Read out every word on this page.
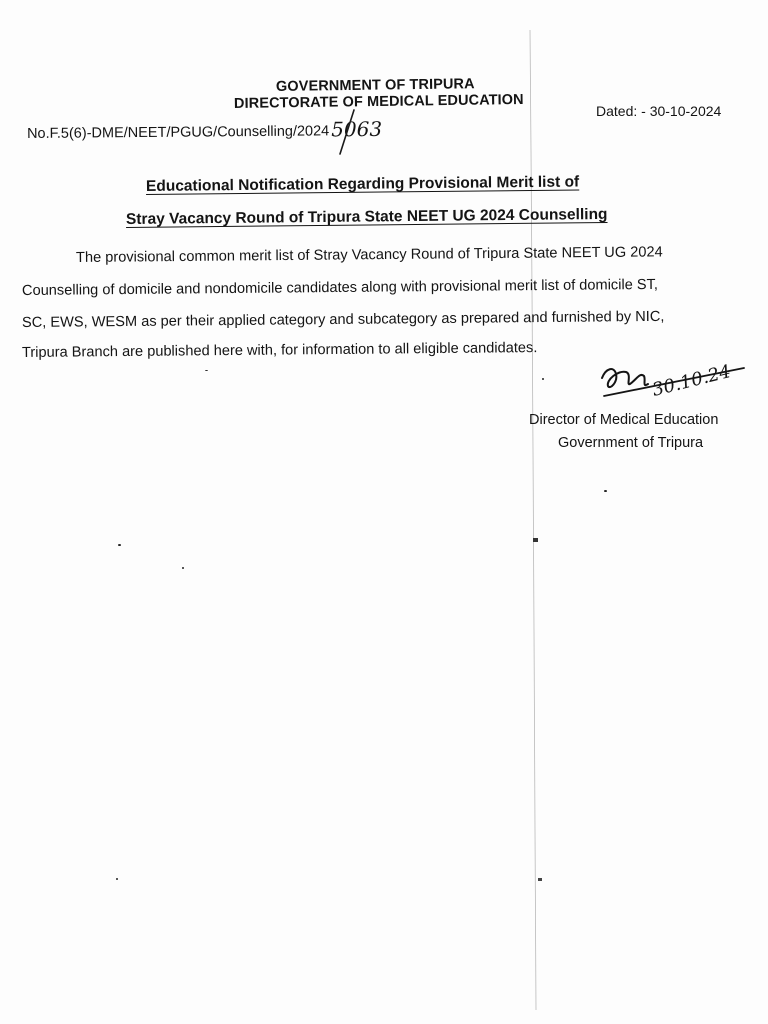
GOVERNMENT OF TRIPURA
DIRECTORATE OF MEDICAL EDUCATION
No.F.5(6)-DME/NEET/PGUG/Counselling/2024 5063
Dated: - 30-10-2024
Educational Notification Regarding Provisional Merit list of
Stray Vacancy Round of Tripura State NEET UG 2024 Counselling
The provisional common merit list of Stray Vacancy Round of Tripura State NEET UG 2024
Counselling of domicile and nondomicile candidates along with provisional merit list of domicile ST,
SC, EWS, WESM as per their applied category and subcategory as prepared and furnished by NIC,
Tripura Branch are published here with, for information to all eligible candidates.
30.10.24
Director of Medical Education
Government of Tripura
